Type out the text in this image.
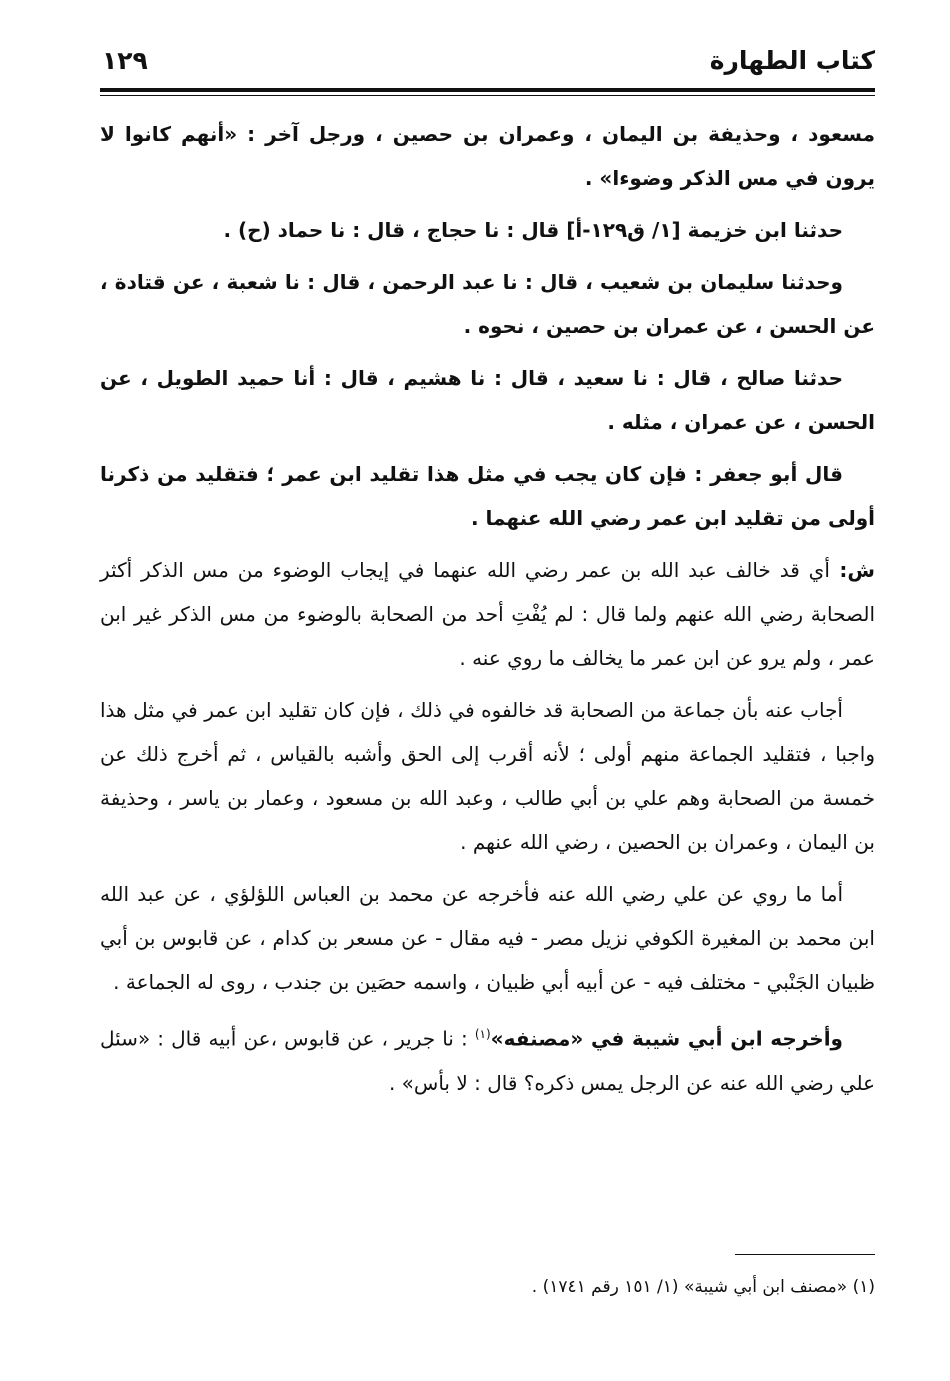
كتاب الطهارة
١٢٩

مسعود ، وحذيفة بن اليمان ، وعمران بن حصين ، ورجل آخر : «أنهم كانوا لا يرون في مس الذكر وضوءا» .

حدثنا ابن خزيمة [١/ ق١٢٩-أ] قال : نا حجاج ، قال : نا حماد (ح) .

وحدثنا سليمان بن شعيب ، قال : نا عبد الرحمن ، قال : نا شعبة ، عن قتادة ، عن الحسن ، عن عمران بن حصين ، نحوه .

حدثنا صالح ، قال : نا سعيد ، قال : نا هشيم ، قال : أنا حميد الطويل ، عن الحسن ، عن عمران ، مثله .

قال أبو جعفر : فإن كان يجب في مثل هذا تقليد ابن عمر ؛ فتقليد من ذكرنا أولى من تقليد ابن عمر رضي الله عنهما .

ش: أي قد خالف عبد الله بن عمر رضي الله عنهما في إيجاب الوضوء من مس الذكر أكثر الصحابة رضي الله عنهم ولما قال : لم يُفْتِ أحد من الصحابة بالوضوء من مس الذكر غير ابن عمر ، ولم يرو عن ابن عمر ما يخالف ما روي عنه .

أجاب عنه بأن جماعة من الصحابة قد خالفوه في ذلك ، فإن كان تقليد ابن عمر في مثل هذا واجبا ، فتقليد الجماعة منهم أولى ؛ لأنه أقرب إلى الحق وأشبه بالقياس ، ثم أخرج ذلك عن خمسة من الصحابة وهم علي بن أبي طالب ، وعبد الله بن مسعود ، وعمار بن ياسر ، وحذيفة بن اليمان ، وعمران بن الحصين ، رضي الله عنهم .

أما ما روي عن علي رضي الله عنه فأخرجه عن محمد بن العباس اللؤلؤي ، عن عبد الله ابن محمد بن المغيرة الكوفي نزيل مصر - فيه مقال - عن مسعر بن كدام ، عن قابوس بن أبي ظبيان الجَنْبي - مختلف فيه - عن أبيه أبي ظبيان ، واسمه حصَين بن جندب ، روى له الجماعة .

وأخرجه ابن أبي شيبة في «مصنفه»$^{(١)}$ : نا جرير ، عن قابوس ،عن أبيه قال : «سئل علي رضي الله عنه عن الرجل يمس ذكره؟ قال : لا بأس» .

(١) «مصنف ابن أبي شيبة» (١/ ١٥١ رقم ١٧٤١) .
